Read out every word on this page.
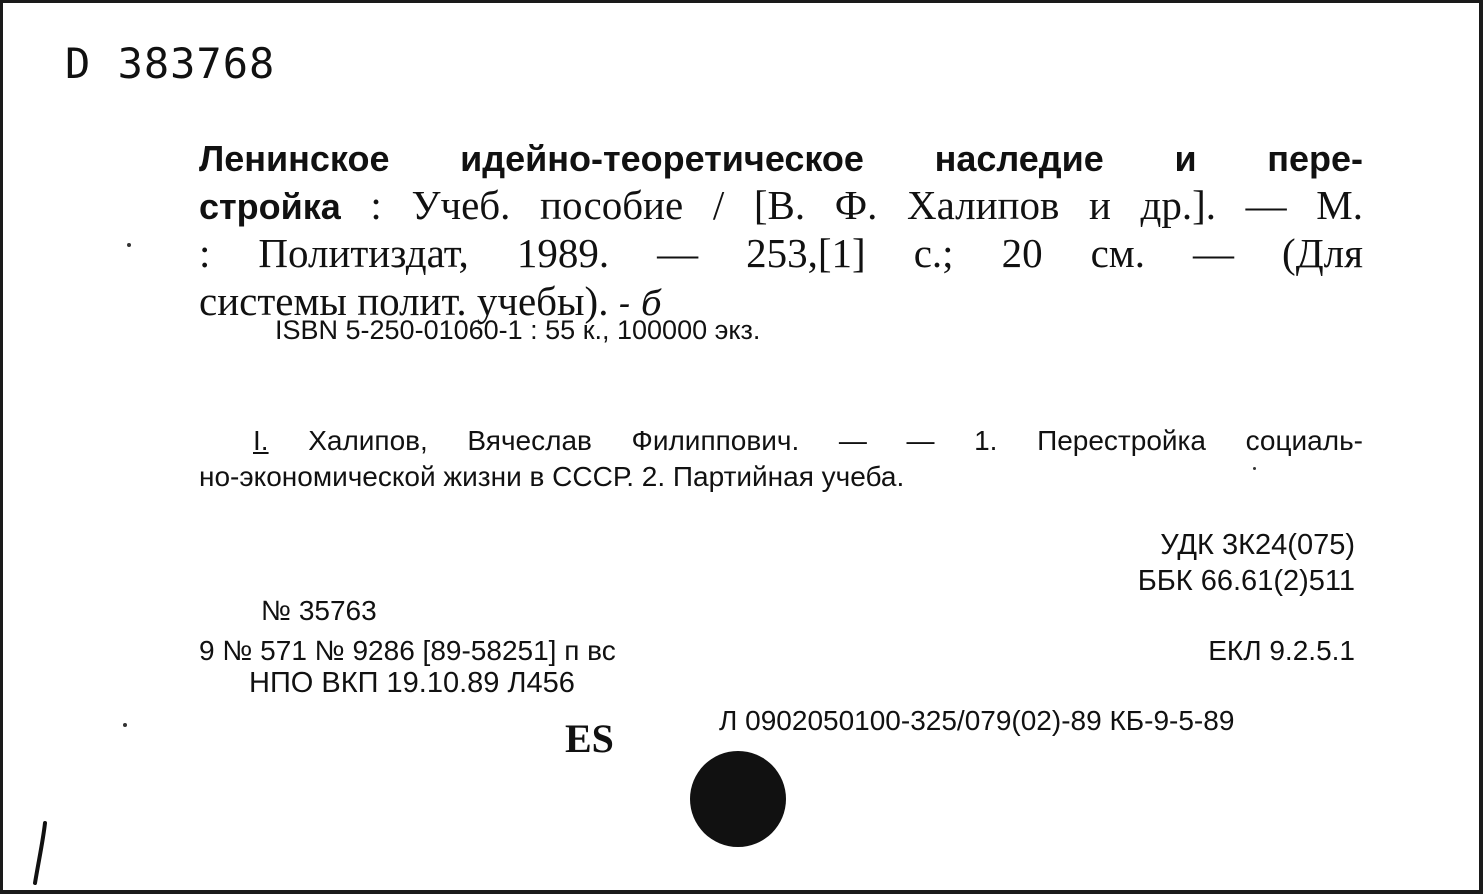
D 383768
Ленинское идейно-теоретическое наследие и пере-
стройка : Учеб. пособие / [В. Ф. Халипов и др.]. — М.
: Политиздат, 1989. — 253,[1] с.; 20 см. — (Для
системы полит. учебы). - б
ISBN 5-250-01060-1 : 55 к., 100000 экз.
I. Халипов, Вячеслав Филиппович. — — 1. Перестройка социаль-
но-экономической жизни в СССР. 2. Партийная учеба.
УДК 3К24(075)
ББК 66.61(2)511
№ 35763
9 № 571 № 9286 [89-58251] п вс
НПО ВКП 19.10.89 Л456
ЕКЛ 9.2.5.1
ES	Л 0902050100-325/079(02)-89 КБ-9-5-89
